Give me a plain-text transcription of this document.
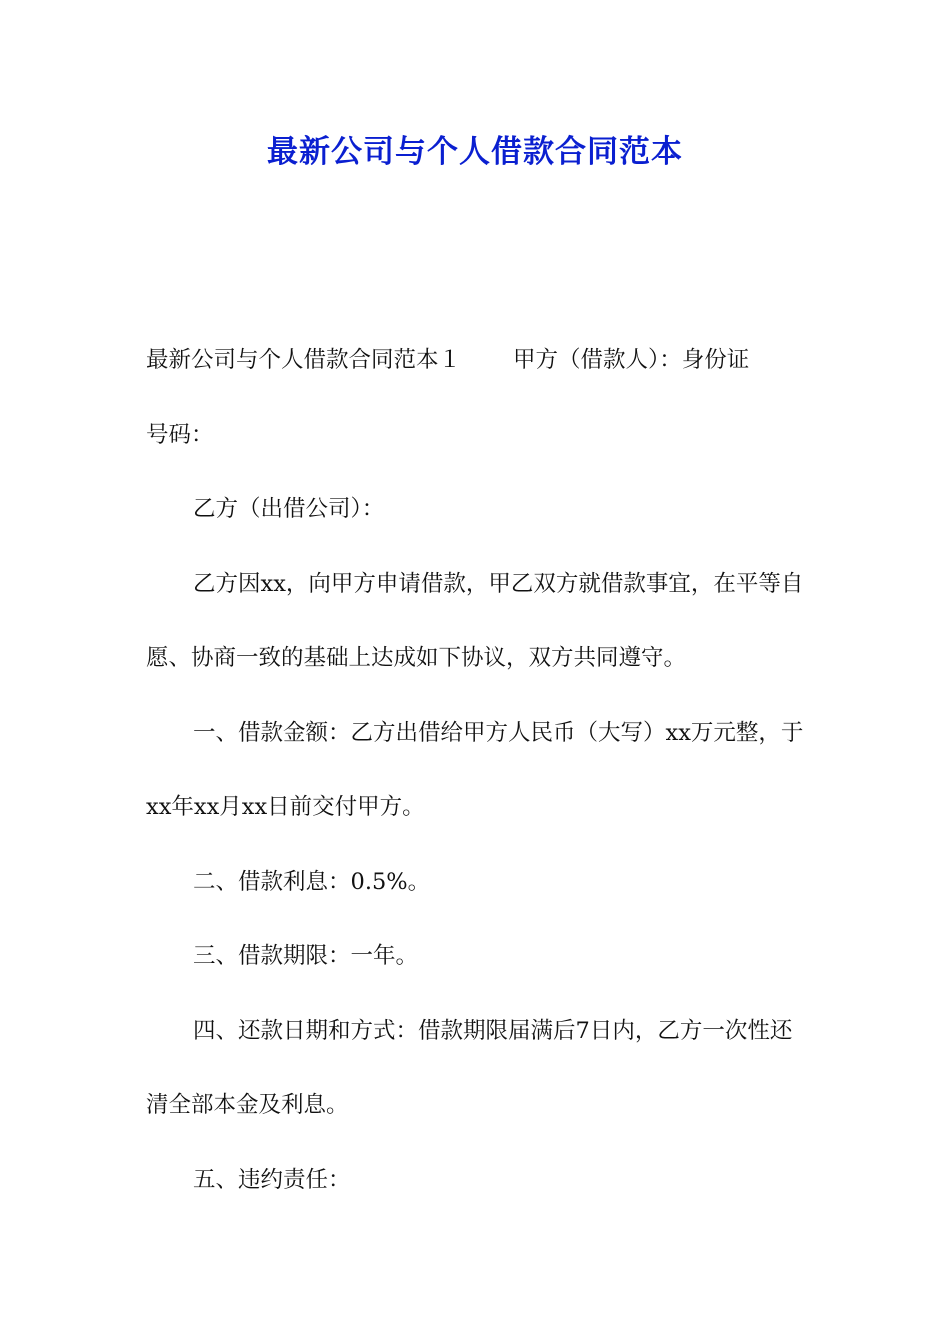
最新公司与个人借款合同范本

最新公司与个人借款合同范本１ 甲方（借款人）：身份证
号码：

乙方（出借公司）：

乙方因xx，向甲方申请借款，甲乙双方就借款事宜，在平等自愿、协商一致的基础上达成如下协议，双方共同遵守。

一、借款金额：乙方出借给甲方人民币（大写）xx万元整，于xx年xx月xx日前交付甲方。

二、借款利息：0.5%。

三、借款期限：一年。

四、还款日期和方式：借款期限届满后7日内，乙方一次性还清全部本金及利息。

五、违约责任：
